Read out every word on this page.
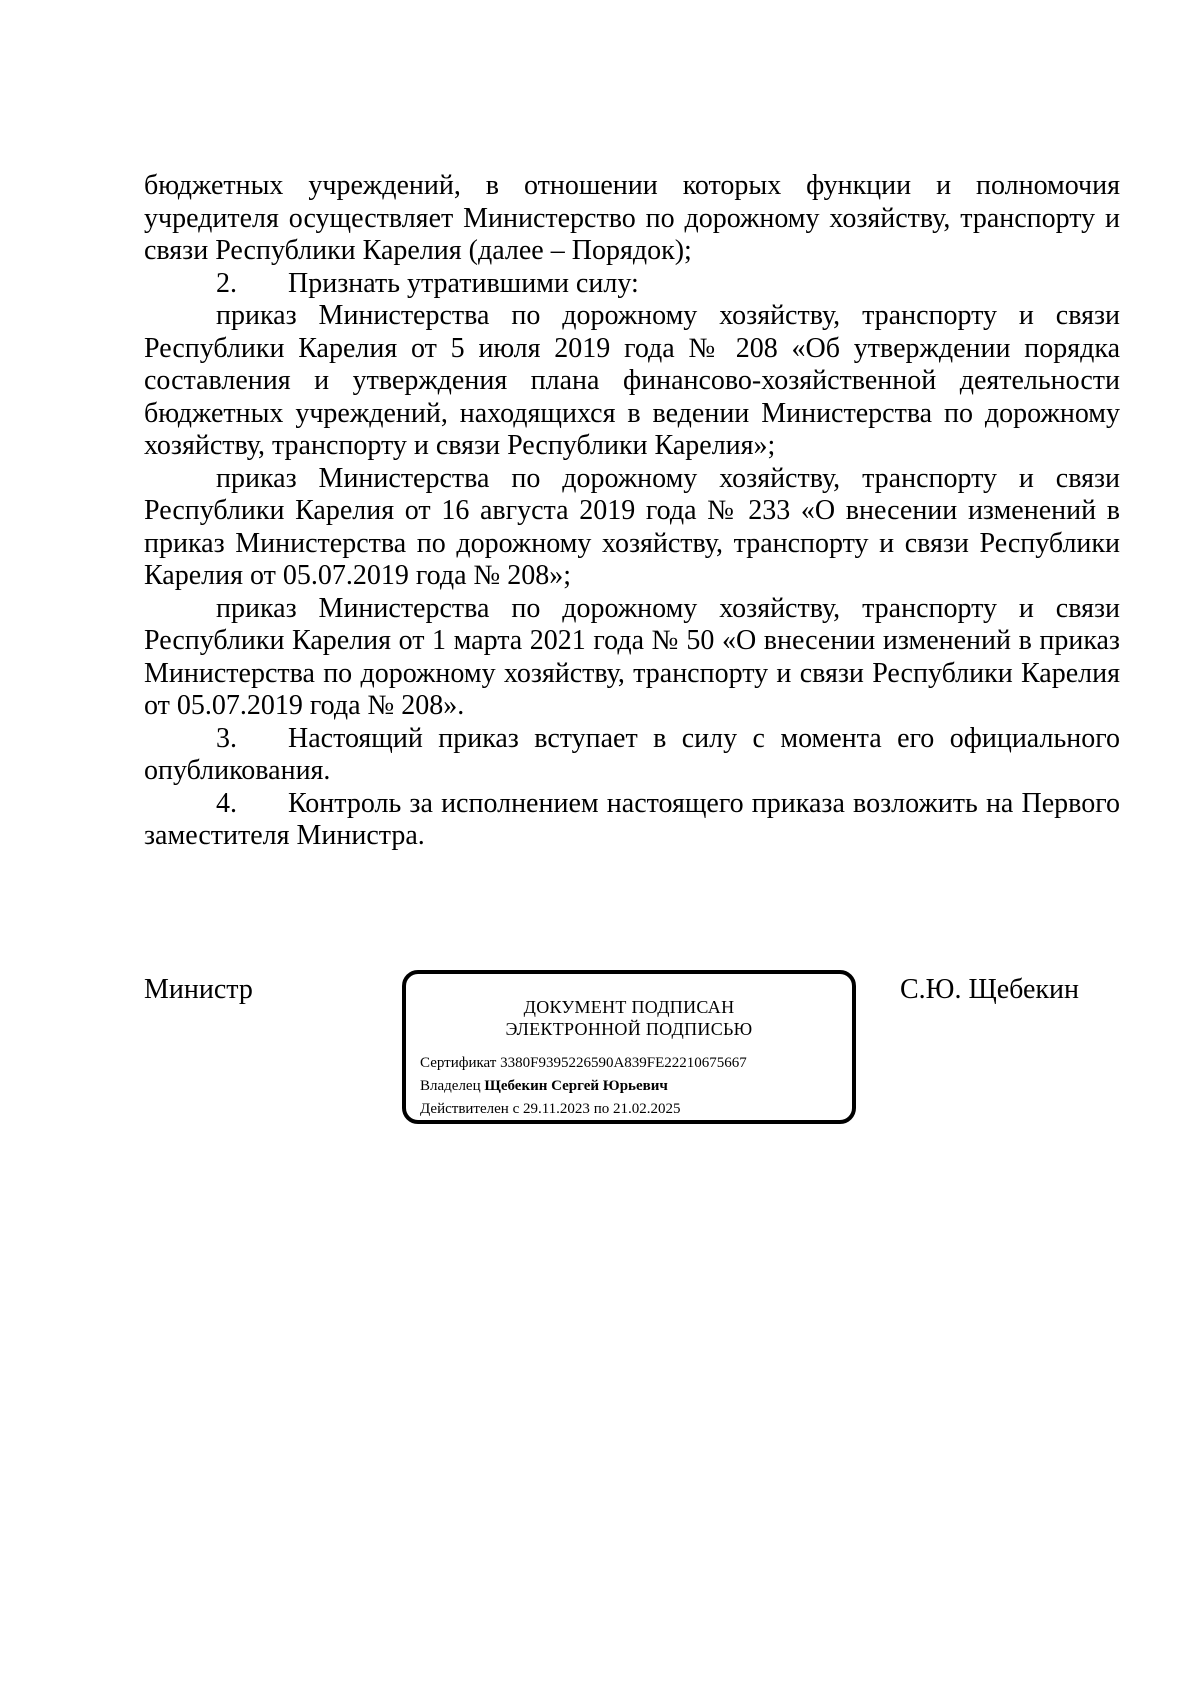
бюджетных учреждений, в отношении которых функции и полномочия учредителя осуществляет Министерство по дорожному хозяйству, транспорту и связи Республики Карелия (далее – Порядок);

2. Признать утратившими силу:

приказ Министерства по дорожному хозяйству, транспорту и связи Республики Карелия от 5 июля 2019 года № 208 «Об утверждении порядка составления и утверждения плана финансово-хозяйственной деятельности бюджетных учреждений, находящихся в ведении Министерства по дорожному хозяйству, транспорту и связи Республики Карелия»;

приказ Министерства по дорожному хозяйству, транспорту и связи Республики Карелия от 16 августа 2019 года № 233 «О внесении изменений в приказ Министерства по дорожному хозяйству, транспорту и связи Республики Карелия от 05.07.2019 года № 208»;

приказ Министерства по дорожному хозяйству, транспорту и связи Республики Карелия от 1 марта 2021 года № 50 «О внесении изменений в приказ Министерства по дорожному хозяйству, транспорту и связи Республики Карелия от 05.07.2019 года № 208».

3. Настоящий приказ вступает в силу с момента его официального опубликования.

4. Контроль за исполнением настоящего приказа возложить на Первого заместителя Министра.

Министр	С.Ю. Щебекин
ДОКУМЕНТ ПОДПИСАН
ЭЛЕКТРОННОЙ ПОДПИСЬЮ
Сертификат 3380F9395226590A839FE22210675667
Владелец Щебекин Сергей Юрьевич
Действителен с 29.11.2023 по 21.02.2025
